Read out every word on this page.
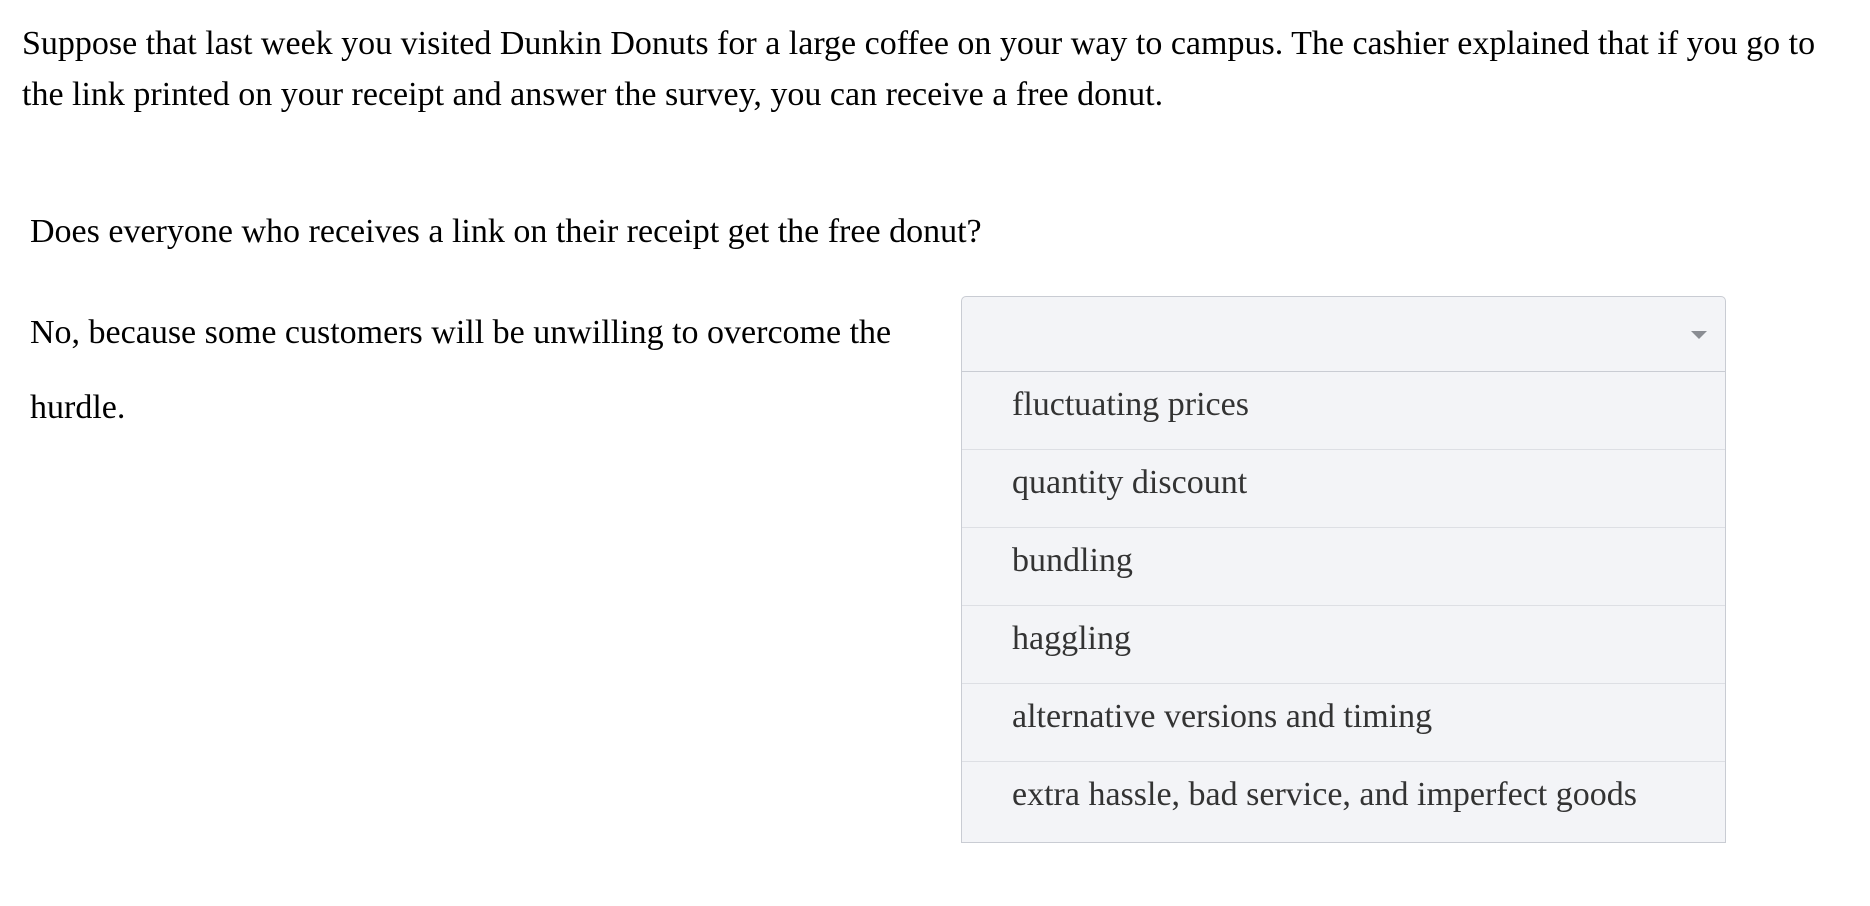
Suppose that last week you visited Dunkin Donuts for a large coffee on your way to campus. The cashier explained that if you go to the link printed on your receipt and answer the survey, you can receive a free donut.

Does everyone who receives a link on their receipt get the free donut?

No, because some customers will be unwilling to overcome the

hurdle.	fluctuating prices
quantity discount
bundling
haggling
alternative versions and timing
extra hassle, bad service, and imperfect goods
